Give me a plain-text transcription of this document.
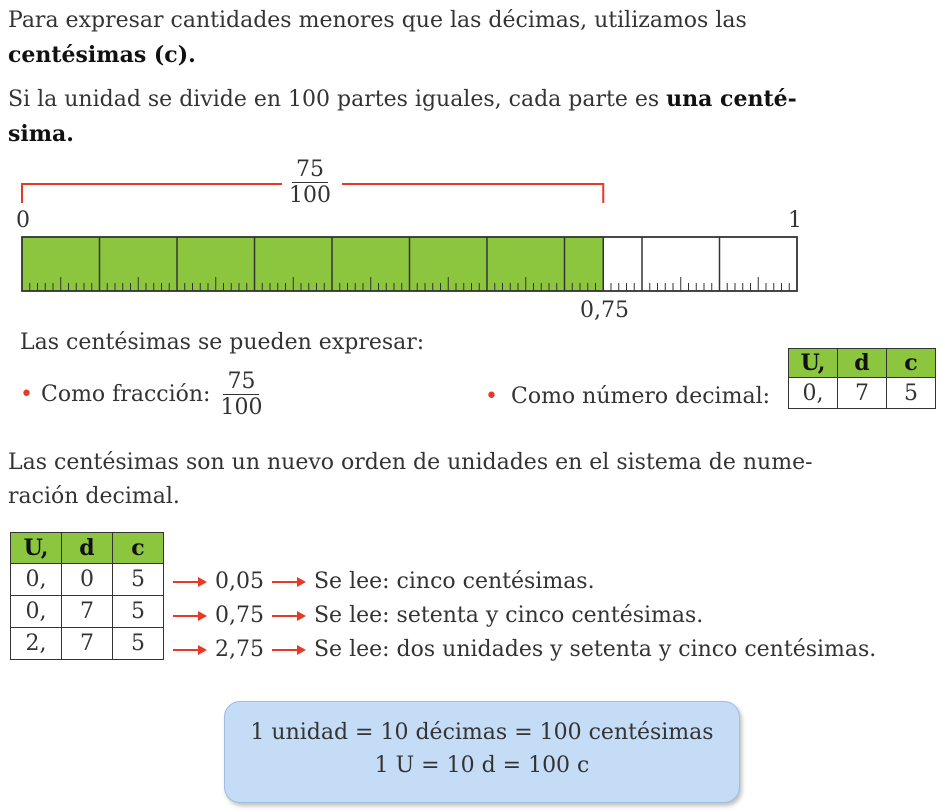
Para expresar cantidades menores que las décimas, utilizamos las
centésimas (c).
Si la unidad se divide en 100 partes iguales, cada parte es una centé-
sima.
$\frac{75}{100}$
0	1
0,75
Las centésimas se pueden expresar:
• Como fracción: $\frac{75}{100}$	• Como número decimal:
U,	d	c
0,	7	5
Las centésimas son un nuevo orden de unidades en el sistema de nume-
ración decimal.
U,	d	c
0,	0	5
0,	7	5
2,	7	5
0,05 Se lee: cinco centésimas.
0,75 Se lee: setenta y cinco centésimas.
2,75 Se lee: dos unidades y setenta y cinco centésimas.
1 unidad = 10 décimas = 100 centésimas
1 U = 10 d = 100 c
